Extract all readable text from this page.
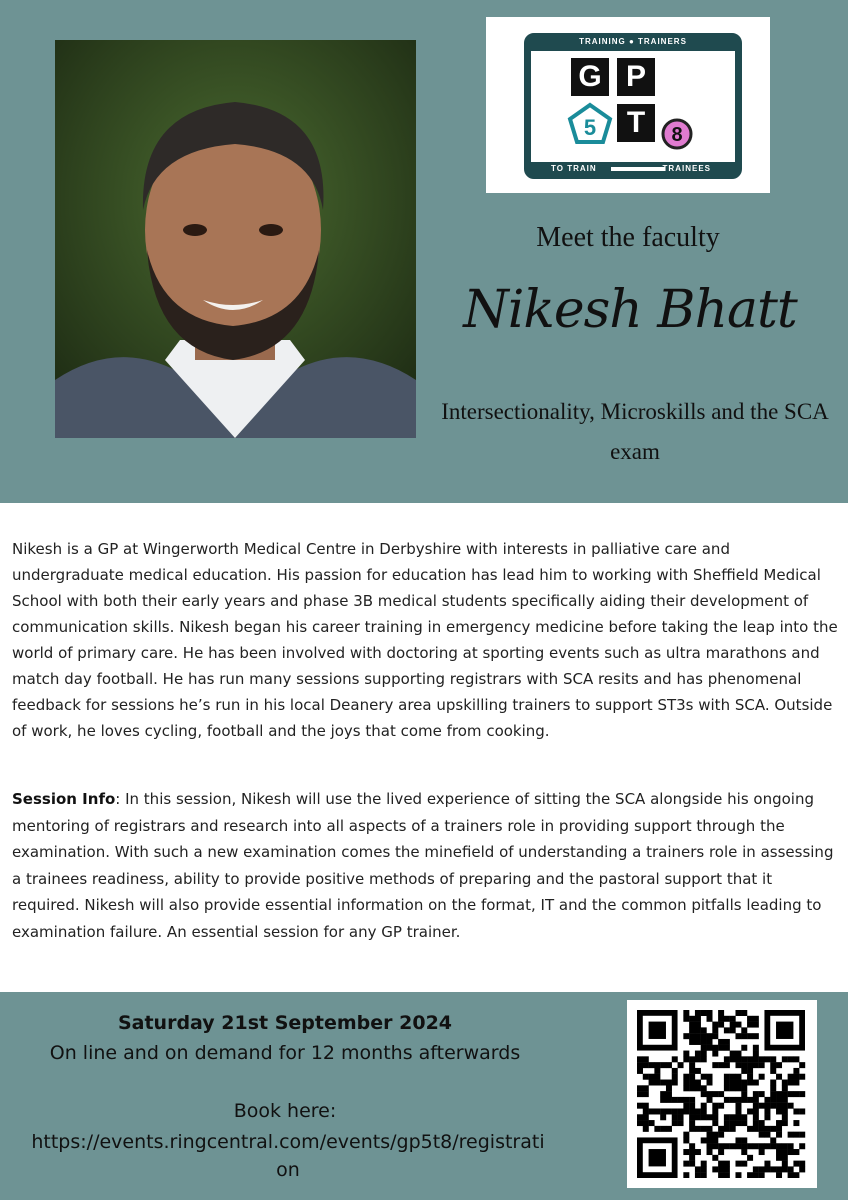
TRAINING ● TRAINERS
G P
5	T	8
TO TRAIN	TRAINEES
Meet the faculty
Nikesh Bhatt
Intersectionality, Microskills and the SCA exam

Nikesh is a GP at Wingerworth Medical Centre in Derbyshire with interests in palliative care and undergraduate medical education. His passion for education has lead him to working with Sheffield Medical School with both their early years and phase 3B medical students specifically aiding their development of communication skills. Nikesh began his career training in emergency medicine before taking the leap into the world of primary care. He has been involved with doctoring at sporting events such as ultra marathons and match day football. He has run many sessions supporting registrars with SCA resits and has phenomenal feedback for sessions he’s run in his local Deanery area upskilling trainers to support ST3s with SCA. Outside of work, he loves cycling, football and the joys that come from cooking.

Session Info: In this session, Nikesh will use the lived experience of sitting the SCA alongside his ongoing mentoring of registrars and research into all aspects of a trainers role in providing support through the examination. With such a new examination comes the minefield of understanding a trainers role in assessing a trainees readiness, ability to provide positive methods of preparing and the pastoral support that it required. Nikesh will also provide essential information on the format, IT and the common pitfalls leading to examination failure. An essential session for any GP trainer.

Saturday 21st September 2024
On line and on demand for 12 months afterwards
Book here:
https://events.ringcentral.com/events/gp5t8/registration
